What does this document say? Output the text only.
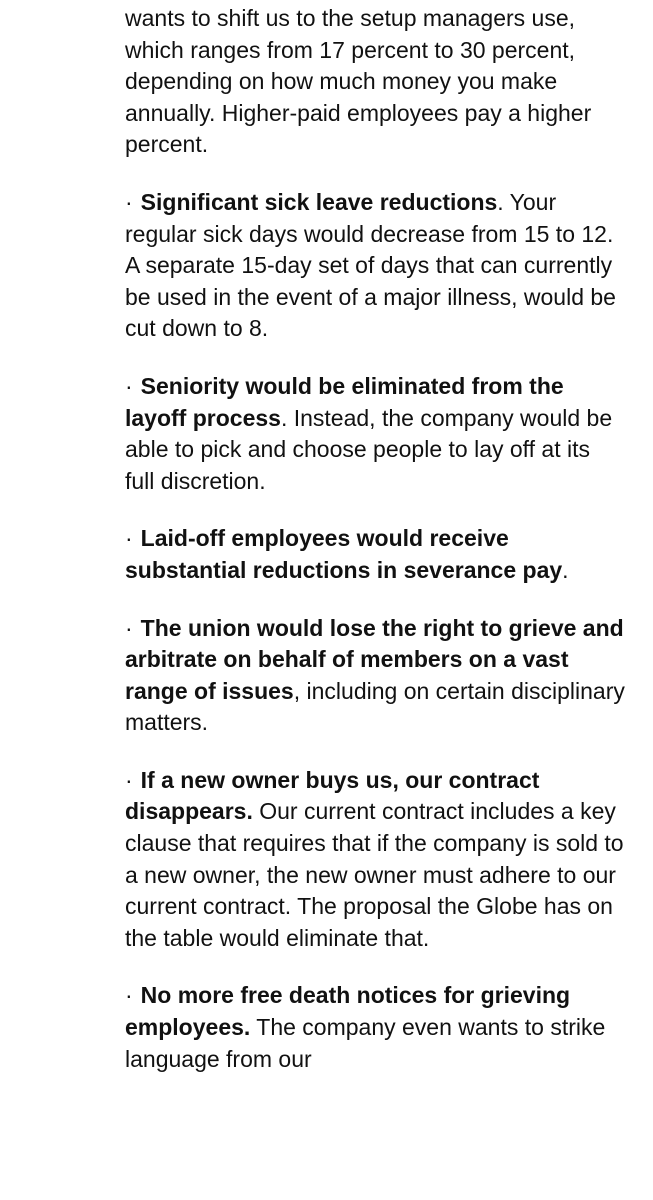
wants to shift us to the setup managers use, which ranges from 17 percent to 30 percent, depending on how much money you make annually. Higher-paid employees pay a higher percent.

· Significant sick leave reductions. Your regular sick days would decrease from 15 to 12. A separate 15-day set of days that can currently be used in the event of a major illness, would be cut down to 8.

· Seniority would be eliminated from the layoff process. Instead, the company would be able to pick and choose people to lay off at its full discretion.

· Laid-off employees would receive substantial reductions in severance pay.

· The union would lose the right to grieve and arbitrate on behalf of members on a vast range of issues, including on certain disciplinary matters.

· If a new owner buys us, our contract disappears. Our current contract includes a key clause that requires that if the company is sold to a new owner, the new owner must adhere to our current contract. The proposal the Globe has on the table would eliminate that.

· No more free death notices for grieving employees. The company even wants to strike language from our
